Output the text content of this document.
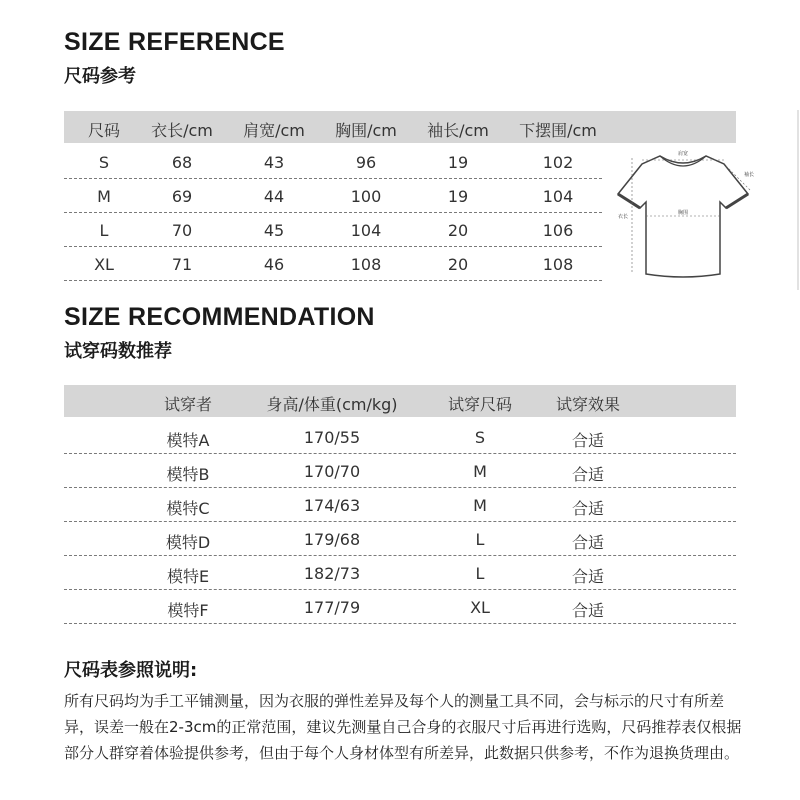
SIZE REFERENCE
尺码参考
尺码 衣长/cm 肩宽/cm 胸围/cm 袖长/cm 下摆围/cm
S	68	43	96	19	102
M	69	44	100	19	104
L	70	45	104	20	106
XL	71	46	108	20	108
肩宽
胸围
衣长
袖长
SIZE RECOMMENDATION
试穿码数推荐
试穿者	身高/体重(cm/kg)	试穿尺码	试穿效果
模特A	170/55	S	合适
模特B	170/70	M	合适
模特C	174/63	M	合适
模特D	179/68	L	合适
模特E	182/73	L	合适
模特F	177/79	XL	合适
尺码表参照说明:

所有尺码均为手工平铺测量，因为衣服的弹性差异及每个人的测量工具不同，会与标示的尺寸有所差异，误差一般在2-3cm的正常范围，建议先测量自己合身的衣服尺寸后再进行选购，尺码推荐表仅根据部分人群穿着体验提供参考，但由于每个人身材体型有所差异，此数据只供参考，不作为退换货理由。
